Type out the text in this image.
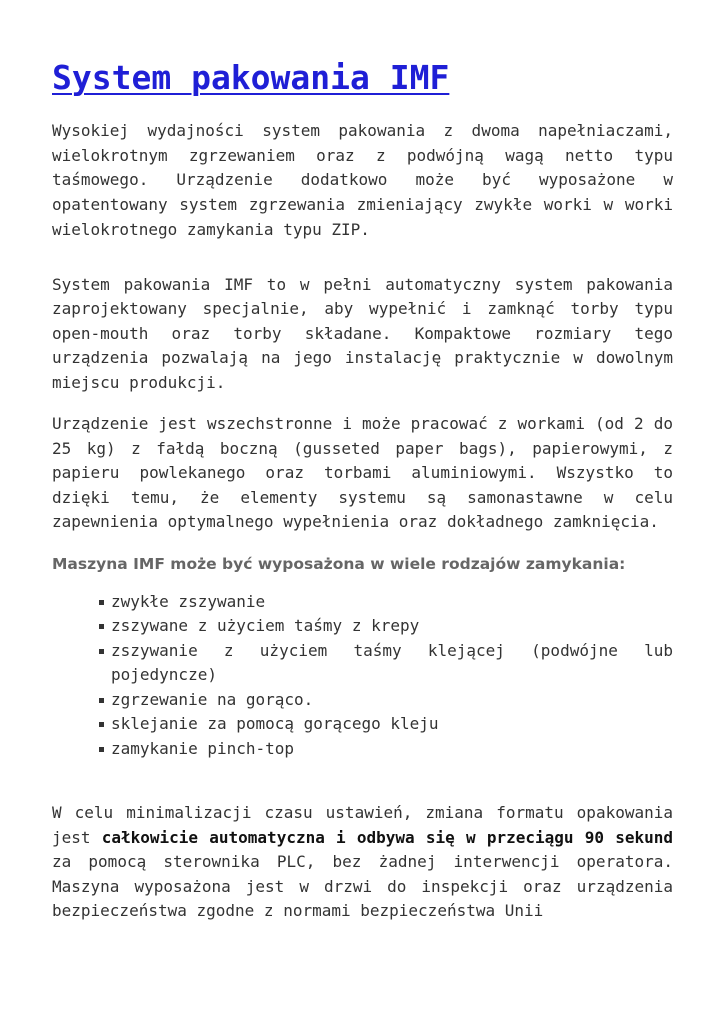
System pakowania IMF

Wysokiej wydajności system pakowania z dwoma napełniaczami, wielokrotnym zgrzewaniem oraz z podwójną wagą netto typu taśmowego. Urządzenie dodatkowo może być wyposażone w opatentowany system zgrzewania zmieniający zwykłe worki w worki wielokrotnego zamykania typu ZIP.

System pakowania IMF to w pełni automatyczny system pakowania zaprojektowany specjalnie, aby wypełnić i zamknąć torby typu open-mouth oraz torby składane. Kompaktowe rozmiary tego urządzenia pozwalają na jego instalację praktycznie w dowolnym miejscu produkcji.

Urządzenie jest wszechstronne i może pracować z workami (od 2 do 25 kg) z fałdą boczną (gusseted paper bags), papierowymi, z papieru powlekanego oraz torbami aluminiowymi. Wszystko to dzięki temu, że elementy systemu są samonastawne w celu zapewnienia optymalnego wypełnienia oraz dokładnego zamknięcia.

Maszyna IMF może być wyposażona w wiele rodzajów zamykania:

zwykłe zszywanie
zszywane z użyciem taśmy z krepy
zszywanie z użyciem taśmy klejącej (podwójne lub pojedyncze)
zgrzewanie na gorąco.
sklejanie za pomocą gorącego kleju
zamykanie pinch-top

W celu minimalizacji czasu ustawień, zmiana formatu opakowania jest całkowicie automatyczna i odbywa się w przeciągu 90 sekund za pomocą sterownika PLC, bez żadnej interwencji operatora. Maszyna wyposażona jest w drzwi do inspekcji oraz urządzenia bezpieczeństwa zgodne z normami bezpieczeństwa Unii
